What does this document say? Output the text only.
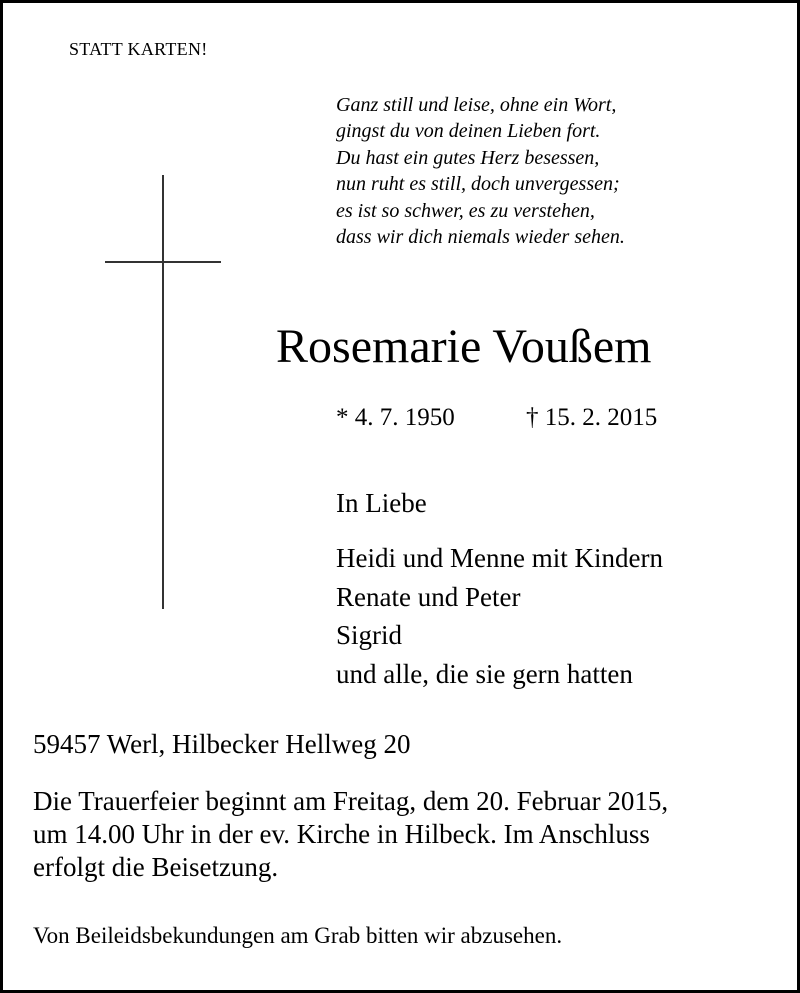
STATT KARTEN!
Ganz still und leise, ohne ein Wort,
gingst du von deinen Lieben fort.
Du hast ein gutes Herz besessen,
nun ruht es still, doch unvergessen;
es ist so schwer, es zu verstehen,
dass wir dich niemals wieder sehen.
Rosemarie Voußem
* 4. 7. 1950	† 15. 2. 2015
In Liebe
Heidi und Menne mit Kindern
Renate und Peter
Sigrid
und alle, die sie gern hatten
59457 Werl, Hilbecker Hellweg 20
Die Trauerfeier beginnt am Freitag, dem 20. Februar 2015,
um 14.00 Uhr in der ev. Kirche in Hilbeck. Im Anschluss
erfolgt die Beisetzung.
Von Beileidsbekundungen am Grab bitten wir abzusehen.
